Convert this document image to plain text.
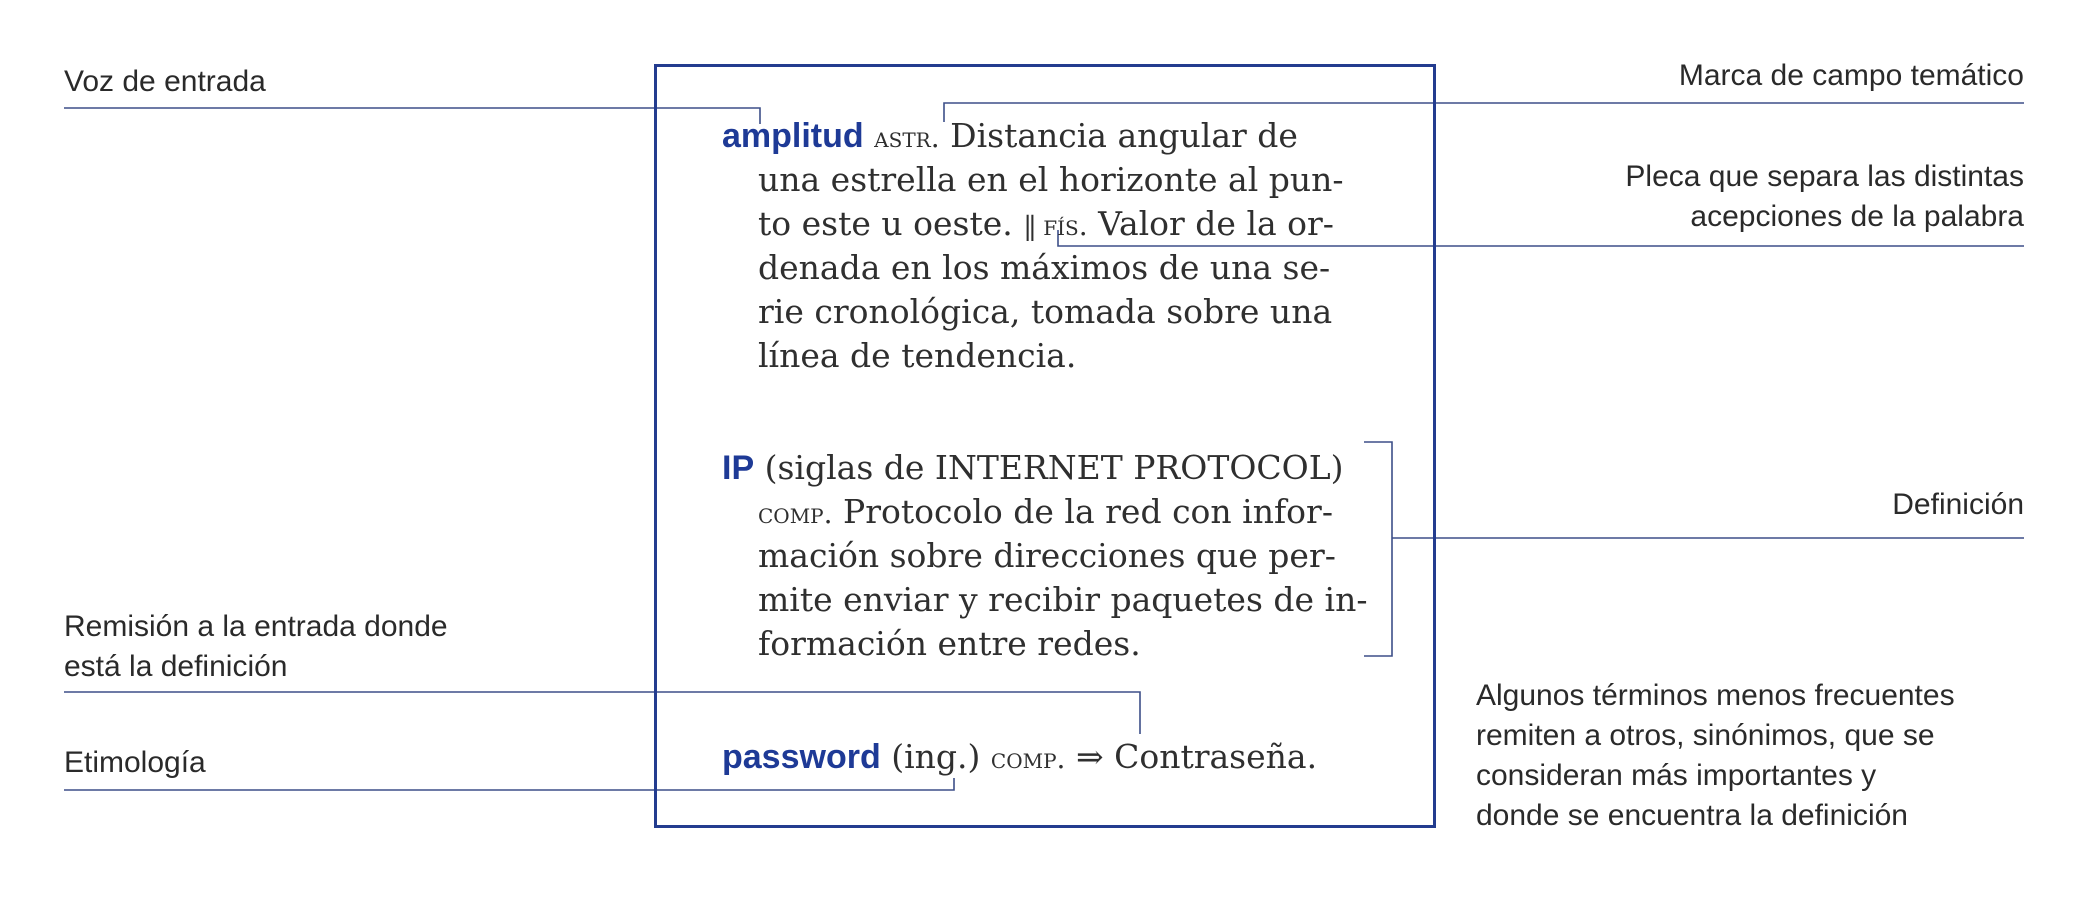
Voz de entrada
Remisión a la entrada donde
está la definición
Etimología
Marca de campo temático
Pleca que separa las distintas
acepciones de la palabra
Definición
Algunos términos menos frecuentes
remiten a otros, sinónimos, que se
consideran más importantes y
donde se encuentra la definición
amplitud astr. Distancia angular de
una estrella en el horizonte al pun-
to este u oeste. || fís. Valor de la or-
denada en los máximos de una se-
rie cronológica, tomada sobre una
línea de tendencia.
IP (siglas de INTERNET PROTOCOL)
comp. Protocolo de la red con infor-
mación sobre direcciones que per-
mite enviar y recibir paquetes de in-
formación entre redes.
password (ing.) comp. ⇒ Contraseña.
